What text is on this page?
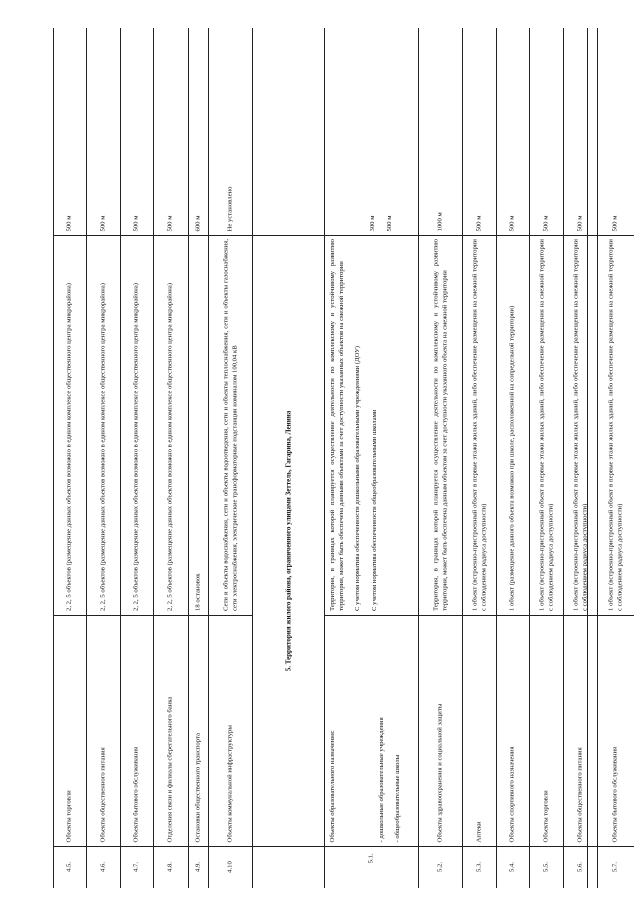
4.5.
Объекты торговли
2, 2, 5 объектов (размещение данных объектов возможно в едином комплексе общественного центра микрорайона)
500 м
4.6.
Объекты общественного питания
2, 2, 5 объектов (размещение данных объектов возможно в едином комплексе общественного центра микрорайона)
500 м
4.7.
Объекты бытового обслуживания
2, 2, 5 объектов (размещение данных объектов возможно в едином комплексе общественного центра микрорайона)
500 м
4.8.
Отделения связи и филиалы сберегательного банка
2, 2, 5 объектов (размещение данных объектов возможно в едином комплексе общественного центра микрорайона)
500 м
4.9.
Остановки общественного транспорта
18 остановок
600 м
4.10
Объекты коммунальной инфраструктуры
Сети и объекты водоснабжения, сети и объекты водоотведения, сети и объекты теплоснабжения, сети и объекты газоснабжения, сети электроснабжения, электрические трансформаторные подстанции номиналом 100,04 кВ
Не установлено
5. Территория жилого района, ограниченного улицами Зеттель, Гагарина, Ленина
5.1.
Объекты образовательного назначения:	- дошкольные образовательные учреждения - общеобразовательные школы
Территория, в границах которой планируется осуществление деятельности по комплексному и устойчивому развитию территории, может быть обеспечена данными объектами за счет доступности указанных объектов на смежной территории С учетом норматива обеспеченности дошкольными образовательными учреждениями (ДОУ) С учетом норматива обеспеченности общеобразовательными школами
300 м 500 м
5.2.
Объекты здравоохранения и социальной защиты
Территория, в границах которой планируется осуществление деятельности по комплексному и устойчивому развитию территории, может быть обеспечена данным объектом за счет доступности указанного объекта на смежной территории
1000 м
5.3.
Аптеки
1 объект (встроенно-пристроенный объект в первые этажи жилых зданий, либо обеспечение размещения на смежной территории с соблюдением радиуса доступности)
500 м
5.4.
Объекты спортивного назначения
1 объект (размещение данного объекта возможно при школе, расположенной на сопредельной территории)
500 м
5.5.
Объекты торговли
1 объект (встроенно-пристроенный объект в первые этажи жилых зданий, либо обеспечение размещения на смежной территории с соблюдением радиуса доступности)
500 м
5.6.
Объекты общественного питания
1 объект (встроенно-пристроенный объект в первые этажи жилых зданий, либо обеспечение размещения на смежной территории с соблюдением радиуса доступности)
500 м
5.7.
Объекты бытового обслуживания
1 объект (встроенно-пристроенный объект в первые этажи жилых зданий, либо обеспечение размещения на смежной территории с соблюдением радиуса доступности)
500 м
